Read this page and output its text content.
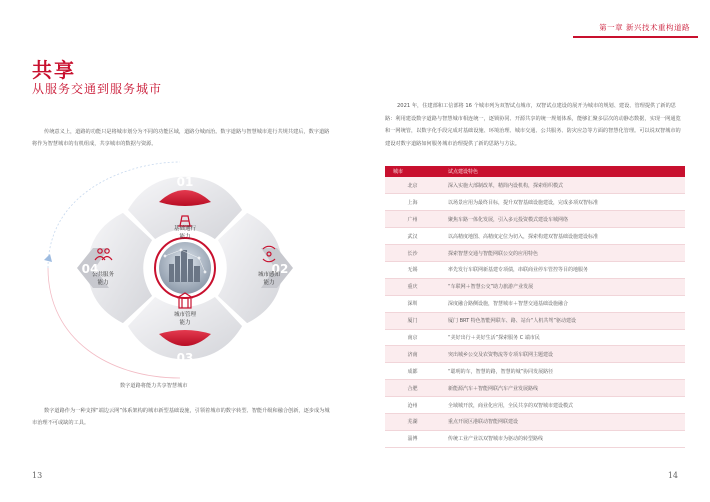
共享
从服务交通到服务城市

传统意义上，道路的功能只是将城市划分为不同的功能区域，道路分城而治。数字道路与智慧城市进行共规共建后，数字道路将作为智慧城市的有机组成，共享城市的数据与资源。

01
03
02
04
基础通行
能力
城市感知
能力
城市管理
能力
公共服务
能力
数字道路将能力共享智慧城市

数字道路作为一种支撑“端边云网”体系架构的城市新型基础设施，引领着城市的数字转型、智能升级和融合创新，逐步成为城市治理不可或缺的工具。

13
第一章 新兴技术重构道路

2021 年，住建部和工信部将 16 个城市列为双智试点城市，双智试点建设的展开为城市的规划、建设、管理提供了新的思路：利用建设数字道路与智慧城市相连统一，逐锁协同、开源共享的统一规划体系，能够汇聚多层次的动静态数据，实现一网通览和一网统管，以数字化手段完成对基础设施、环境治理、城市交通、公共服务、防灾应急等方面的智慧化管理。可以说双智城市的建设对数字道路如何服务城市治理提供了新的思路与方法。

城市	试点建设特色
北京	深入实施大部制改革，精简内设机构，探索组织模式
上海	以场景应用为最终目标，提升双智基础设施建设，完成多项双智标准
广州	聚焦车路一体化发展，引入多元投资模式建设车城网络
武汉	以高精度地图、高精度定位为切入，探索构建双智基础设施建设标准
长沙	探索智慧交通与智能网联公交的应用特色
无锡	率先发行车联网新基建专项债，串联商业停车管控等目的地服务
重庆	“车联网＋智慧公交”助力旅游产业发展
深圳	深度融合路侧设施，智慧城市＋智慧交通基础设施融合
厦门	厦门 BRT 特色智能网联车、路、站台“人机共驾”驱动建设
南京	“美好出行＋美好生活”探索服务 C 端市民
济南	突出城乡公交及农资物流等专项车联网主题建设
成都	“聪明的车，智慧的路，智慧的城”协同发展路径
合肥	新能源汽车＋智能网联汽车产业发展路线
沧州	全域城开放，商业化应用，全民共享的双智城市建设模式
芜湖	重点开展区港联动智能网联建设
淄博	传统工业产业以双智城市为驱动的转型路线
14
